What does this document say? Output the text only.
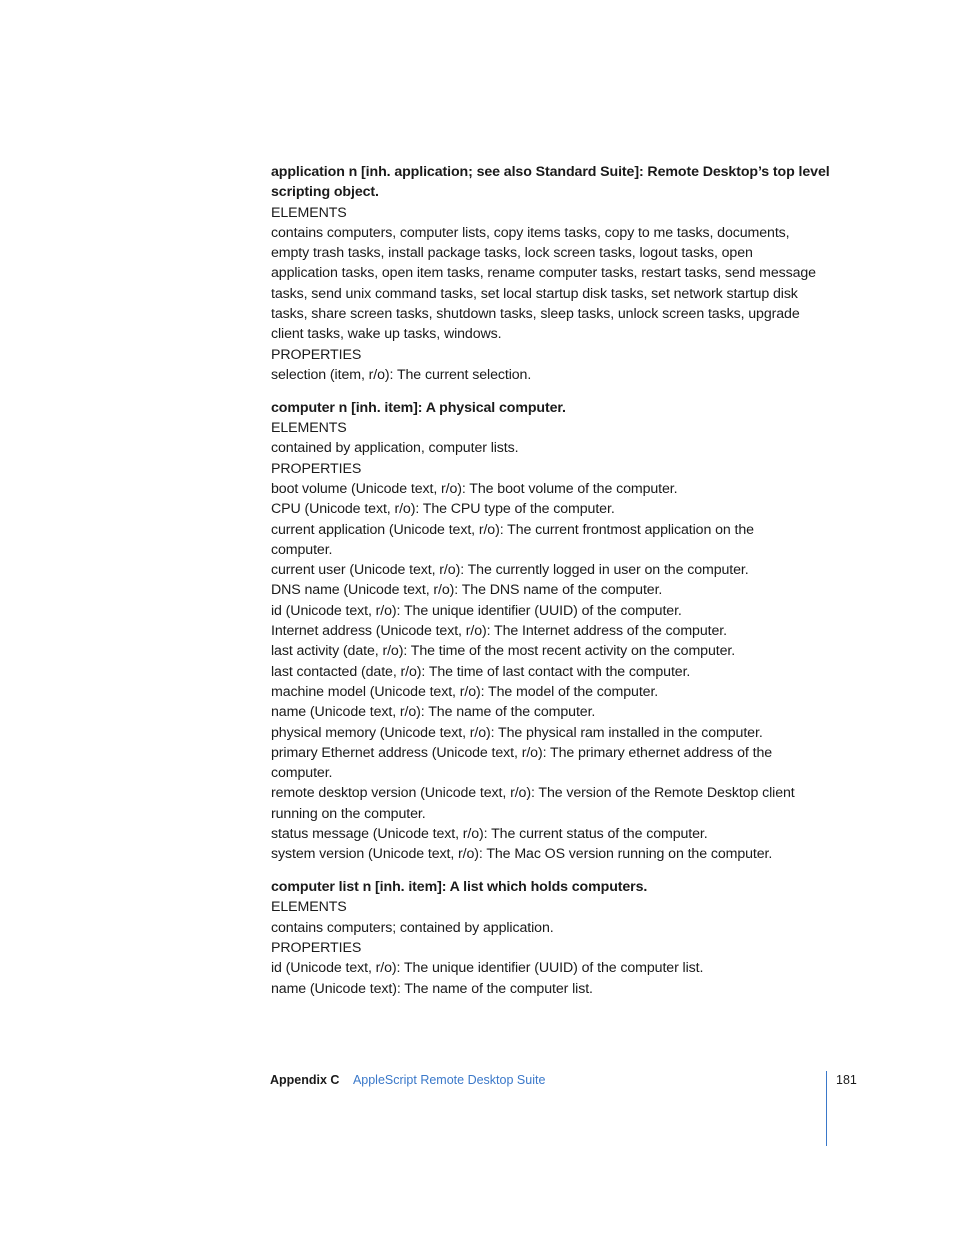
application n [inh. application; see also Standard Suite]: Remote Desktop’s top level
scripting object.
ELEMENTS
contains computers, computer lists, copy items tasks, copy to me tasks, documents,
empty trash tasks, install package tasks, lock screen tasks, logout tasks, open
application tasks, open item tasks, rename computer tasks, restart tasks, send message
tasks, send unix command tasks, set local startup disk tasks, set network startup disk
tasks, share screen tasks, shutdown tasks, sleep tasks, unlock screen tasks, upgrade
client tasks, wake up tasks, windows.
PROPERTIES
selection (item, r/o): The current selection.
computer n [inh. item]: A physical computer.
ELEMENTS
contained by application, computer lists.
PROPERTIES
boot volume (Unicode text, r/o): The boot volume of the computer.
CPU (Unicode text, r/o): The CPU type of the computer.
current application (Unicode text, r/o): The current frontmost application on the
computer.
current user (Unicode text, r/o): The currently logged in user on the computer.
DNS name (Unicode text, r/o): The DNS name of the computer.
id (Unicode text, r/o): The unique identifier (UUID) of the computer.
Internet address (Unicode text, r/o): The Internet address of the computer.
last activity (date, r/o): The time of the most recent activity on the computer.
last contacted (date, r/o): The time of last contact with the computer.
machine model (Unicode text, r/o): The model of the computer.
name (Unicode text, r/o): The name of the computer.
physical memory (Unicode text, r/o): The physical ram installed in the computer.
primary Ethernet address (Unicode text, r/o): The primary ethernet address of the
computer.
remote desktop version (Unicode text, r/o): The version of the Remote Desktop client
running on the computer.
status message (Unicode text, r/o): The current status of the computer.
system version (Unicode text, r/o): The Mac OS version running on the computer.
computer list n [inh. item]: A list which holds computers.
ELEMENTS
contains computers; contained by application.
PROPERTIES
id (Unicode text, r/o): The unique identifier (UUID) of the computer list.
name (Unicode text): The name of the computer list.
Appendix C AppleScript Remote Desktop Suite	181
